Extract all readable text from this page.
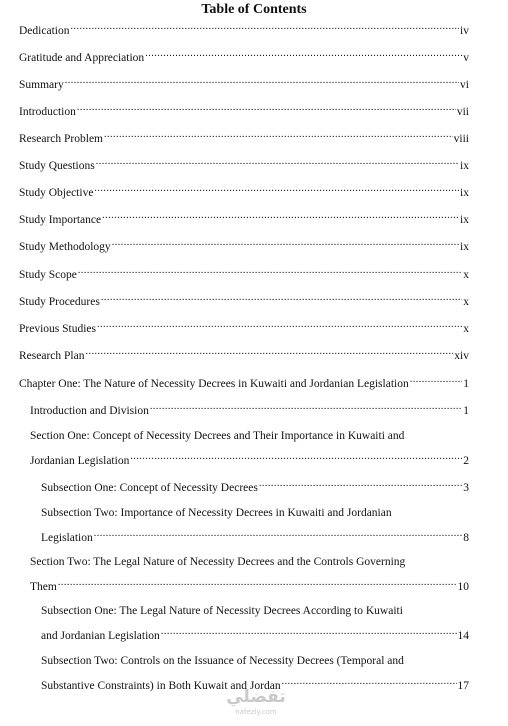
Table of Contents
Dedication .....	iv
Gratitude and Appreciation .....	v
Summary .....	vi
Introduction .....	vii
Research Problem .....	viii
Study Questions .....	ix
Study Objective .....	ix
Study Importance .....	ix
Study Methodology .....	ix
Study Scope .....	x
Study Procedures .....	x
Previous Studies .....	x
Research Plan .....	xiv
Chapter One: The Nature of Necessity Decrees in Kuwaiti and Jordanian Legislation .....	1
Introduction and Division .....	1
Section One: Concept of Necessity Decrees and Their Importance in Kuwaiti and
Jordanian Legislation .....	2
Subsection One: Concept of Necessity Decrees .....	3
Subsection Two: Importance of Necessity Decrees in Kuwaiti and Jordanian
Legislation .....	8
Section Two: The Legal Nature of Necessity Decrees and the Controls Governing
Them .....	10
Subsection One: The Legal Nature of Necessity Decrees According to Kuwaiti
and Jordanian Legislation .....	14
Subsection Two: Controls on the Issuance of Necessity Decrees (Temporal and
Substantive Constraints) in Both Kuwait and Jordan .....	17
تفضلي
nafezly.com
